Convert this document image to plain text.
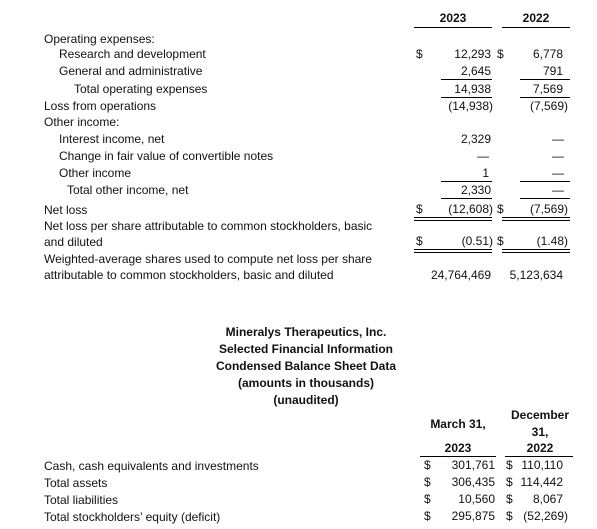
2023	2022
Operating expenses:
Research and development	$	12,293 $ 6,778
General and administrative	2,645	791
Total operating expenses	14,938	7,569
Loss from operations	(14,938)	(7,569)
Other income:
Interest income, net	2,329	—
Change in fair value of convertible notes	—	—
Other income	1	—
Total other income, net	2,330	—
Net loss	$ (12,608) $ (7,569)
Net loss per share attributable to common stockholders, basic
and diluted	$	(0.51) $	(1.48)
Weighted-average shares used to compute net loss per share
attributable to common stockholders, basic and diluted	24,764,469 5,123,634
Mineralys Therapeutics, Inc.
Selected Financial Information
Condensed Balance Sheet Data
(amounts in thousands)
(unaudited)
March 31,
2023
December
31,
2022
Cash, cash equivalents and investments	$ 301,761 $ 110,110
Total assets	$ 306,435 $ 114,442
Total liabilities	$ 10,560 $ 8,067
Total stockholders’ equity (deficit)	$ 295,875 $ (52,269)
